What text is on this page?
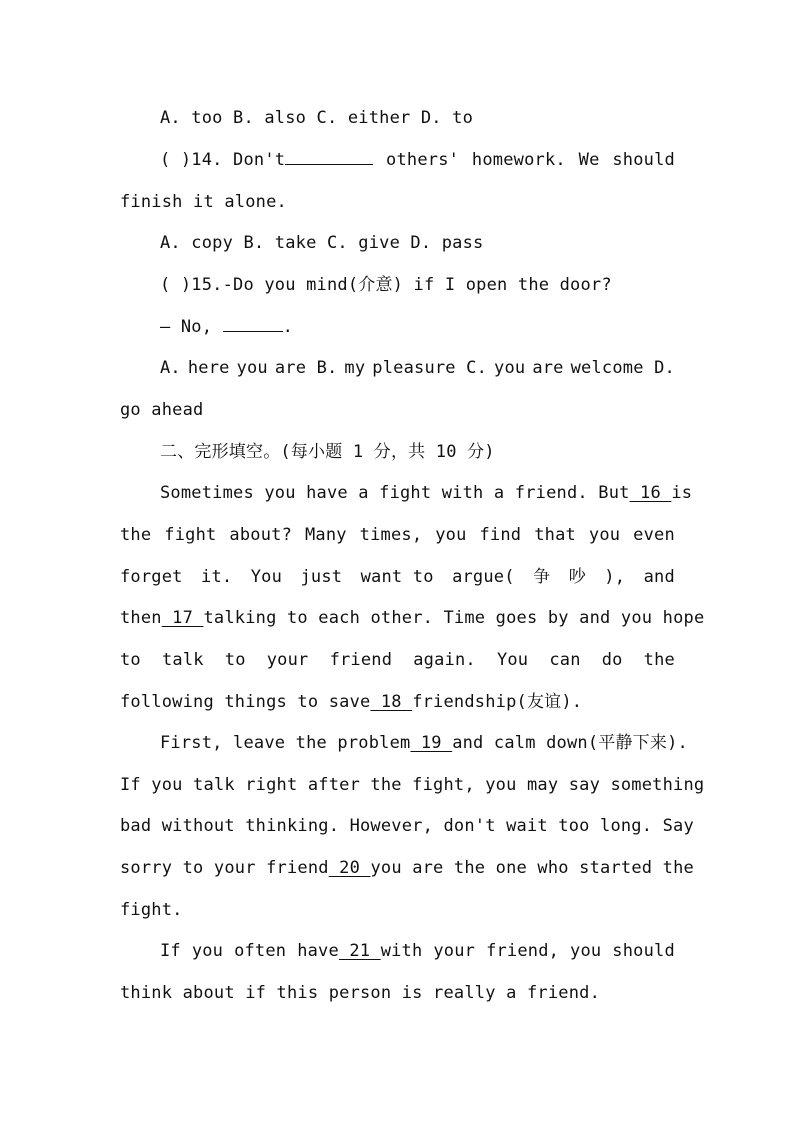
A. too B. also C. either D. to
( )14. Don't	others' homework. We should
finish it alone.
A. copy B. take C. give D. pass
( )15.-Do you mind(介意) if I open the door?
— No,	.
A. here you are B. my pleasure C. you are welcome D.
go ahead
二、完形填空。(每小题 1 分，共 10 分)
Sometimes you have a fight with a friend. But 16 is
the fight about? Many times, you find that you even
forget it. You just want to argue( 争 吵 ), and
then 17 talking to each other. Time goes by and you hope
to talk to your friend again. You can do the
following things to save 18 friendship(友谊).
First, leave the problem 19 and calm down(平静下来).
If you talk right after the fight, you may say something
bad without thinking. However, don't wait too long. Say
sorry to your friend 20 you are the one who started the
fight.
If you often have 21 with your friend, you should
think about if this person is really a friend.
